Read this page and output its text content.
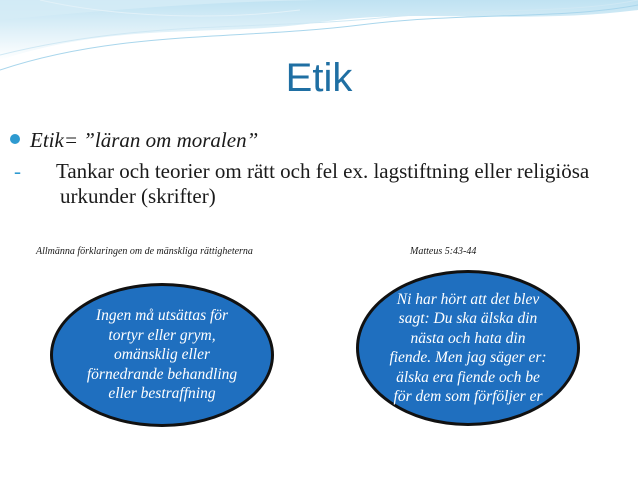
Etik
Etik= ”läran om moralen”
-	Tankar och teorier om rätt och fel ex. lagstiftning eller religiösa urkunder (skrifter)
Allmänna förklaringen om de mänskliga rättigheterna	Matteus 5:43-44
Ingen må utsättas för
tortyr eller grym,
omänsklig eller
förnedrande behandling
eller bestraffning
Ni har hört att det blev
sagt: Du ska älska din
nästa och hata din
fiende. Men jag säger er:
älska era fiende och be
för dem som förföljer er
